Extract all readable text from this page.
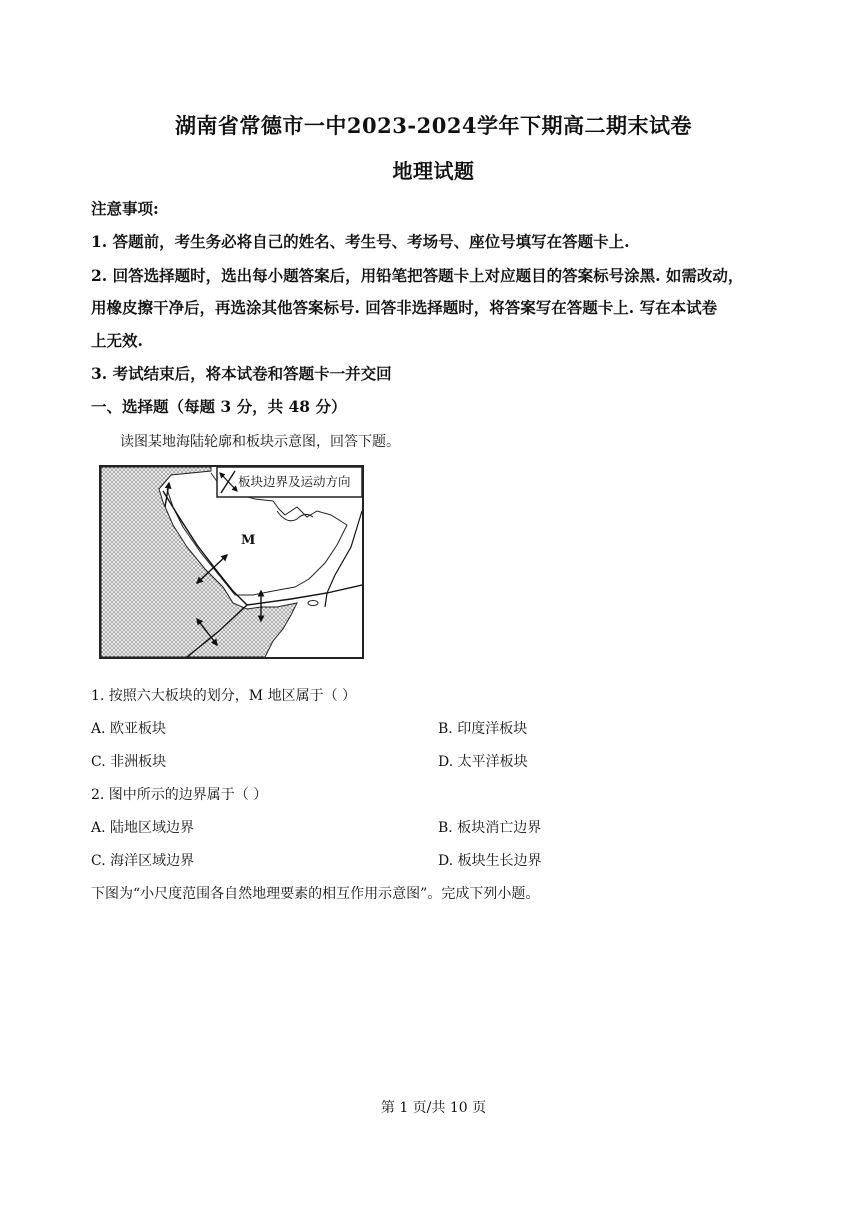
湖南省常德市一中2023-2024学年下期高二期末试卷
地理试题
注意事项:
1. 答题前，考生务必将自己的姓名、考生号、考场号、座位号填写在答题卡上.
2. 回答选择题时，选出每小题答案后，用铅笔把答题卡上对应题目的答案标号涂黑. 如需改动，
用橡皮擦干净后，再选涂其他答案标号. 回答非选择题时，将答案写在答题卡上. 写在本试卷
上无效.
3. 考试结束后，将本试卷和答题卡一并交回
一、选择题（每题 3 分，共 48 分）
读图某地海陆轮廓和板块示意图，回答下题。
板块边界及运动方向
M
1. 按照六大板块的划分，M 地区属于（ ）
A. 欧亚板块	B. 印度洋板块
C. 非洲板块	D. 太平洋板块
2. 图中所示的边界属于（ ）
A. 陆地区域边界	B. 板块消亡边界
C. 海洋区域边界	D. 板块生长边界
下图为“小尺度范围各自然地理要素的相互作用示意图”。完成下列小题。
第 1 页/共 10 页
